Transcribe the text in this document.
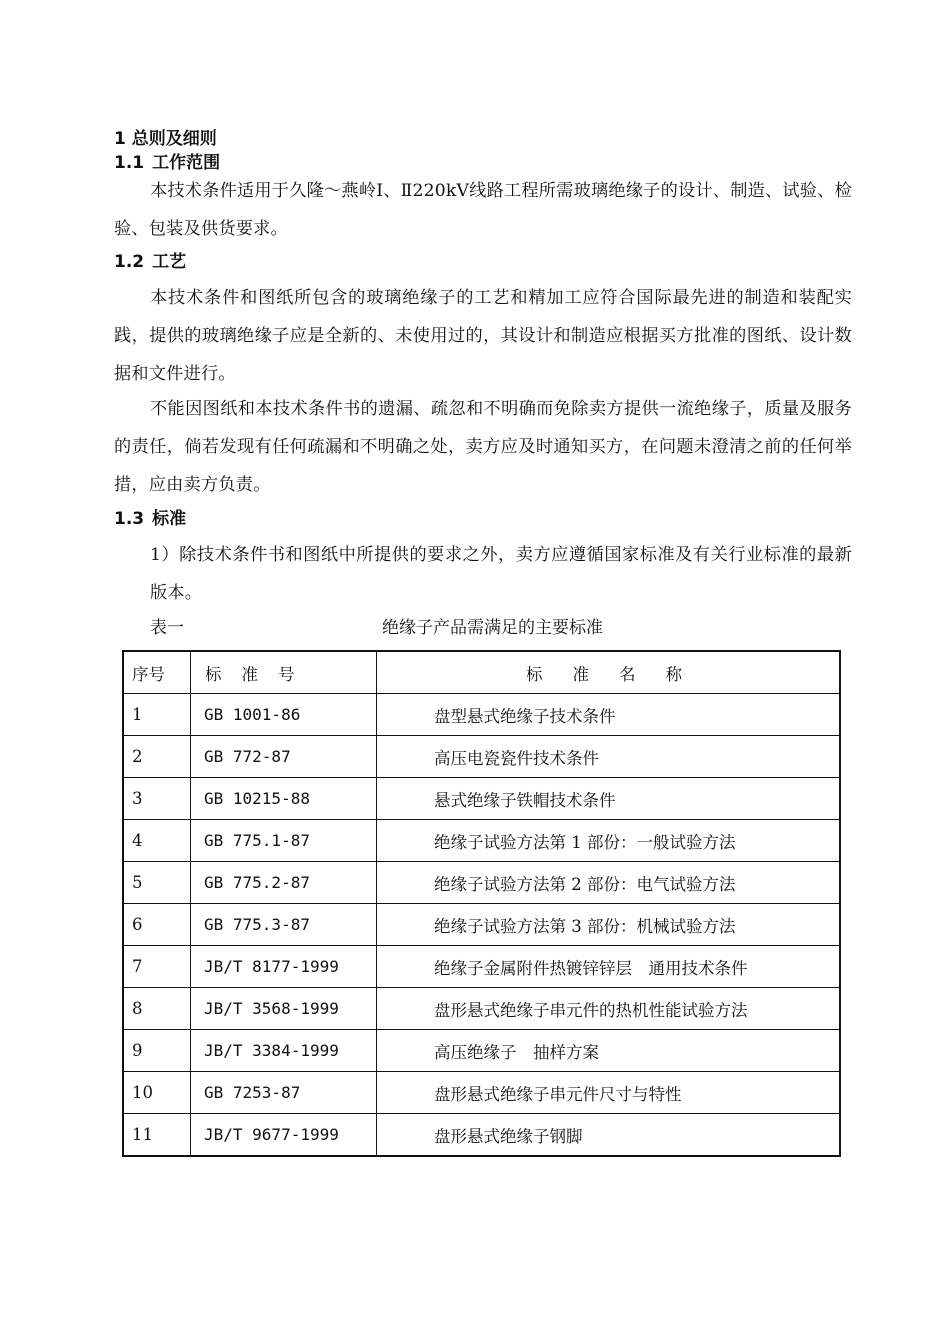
1 总则及细则
1.1 工作范围
本技术条件适用于久隆～燕岭Ⅰ、Ⅱ220kV线路工程所需玻璃绝缘子的设计、制造、试验、检验、包装及供货要求。
1.2 工艺
本技术条件和图纸所包含的玻璃绝缘子的工艺和精加工应符合国际最先进的制造和装配实践，提供的玻璃绝缘子应是全新的、未使用过的，其设计和制造应根据买方批准的图纸、设计数据和文件进行。
不能因图纸和本技术条件书的遗漏、疏忽和不明确而免除卖方提供一流绝缘子，质量及服务的责任，倘若发现有任何疏漏和不明确之处，卖方应及时通知买方，在问题未澄清之前的任何举措，应由卖方负责。
1.3 标准
1）除技术条件书和图纸中所提供的要求之外，卖方应遵循国家标准及有关行业标准的最新版本。
表一	绝缘子产品需满足的主要标准
序号	标准号	标准名称
1	GB 1001-86	盘型悬式绝缘子技术条件
2	GB 772-87	高压电瓷瓷件技术条件
3	GB 10215-88	悬式绝缘子铁帽技术条件
4	GB 775.1-87	绝缘子试验方法第 1 部份：一般试验方法
5	GB 775.2-87	绝缘子试验方法第 2 部份：电气试验方法
6	GB 775.3-87	绝缘子试验方法第 3 部份：机械试验方法
7	JB/T 8177-1999	绝缘子金属附件热镀锌锌层　通用技术条件
8	JB/T 3568-1999	盘形悬式绝缘子串元件的热机性能试验方法
9	JB/T 3384-1999	高压绝缘子　抽样方案
10	GB 7253-87	盘形悬式绝缘子串元件尺寸与特性
11	JB/T 9677-1999	盘形悬式绝缘子钢脚
